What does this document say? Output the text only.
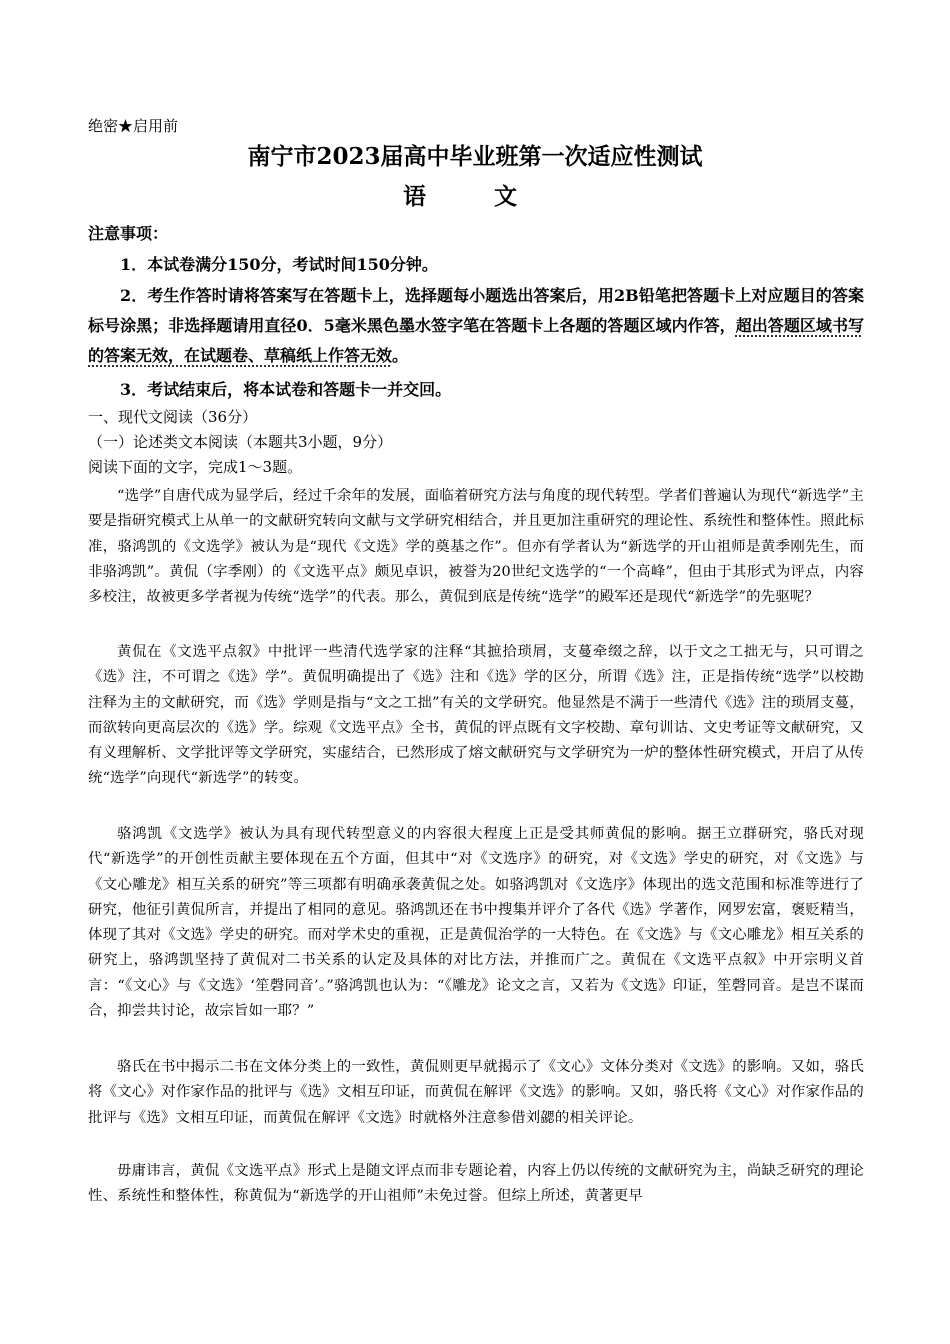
绝密★启用前
南宁市2023届高中毕业班第一次适应性测试
语 文
注意事项：
1．本试卷满分150分，考试时间150分钟。
2．考生作答时请将答案写在答题卡上，选择题每小题选出答案后，用2B铅笔把答题卡上对应题目的答案标号涂黑；非选择题请用直径0．5毫米黑色墨水签字笔在答题卡上各题的答题区域内作答，超出答题区域书写的答案无效，在试题卷、草稿纸上作答无效。
3．考试结束后，将本试卷和答题卡一并交回。
一、现代文阅读（36分）
（一）论述类文本阅读（本题共3小题，9分）
阅读下面的文字，完成1～3题。
“选学”自唐代成为显学后，经过千余年的发展，面临着研究方法与角度的现代转型。学者们普遍认为现代“新选学”主要是指研究模式上从单一的文献研究转向文献与文学研究相结合，并且更加注重研究的理论性、系统性和整体性。照此标准，骆鸿凯的《文选学》被认为是“现代《文选》学的奠基之作”。但亦有学者认为“新选学的开山祖师是黄季刚先生，而非骆鸿凯”。黄侃（字季刚）的《文选平点》颇见卓识，被誉为20世纪文选学的“一个高峰”，但由于其形式为评点，内容多校注，故被更多学者视为传统“选学”的代表。那么，黄侃到底是传统“选学”的殿军还是现代“新选学”的先驱呢？
黄侃在《文选平点叙》中批评一些清代选学家的注释“其摭拾琐屑，支蔓牵缀之辞，以于文之工拙无与，只可谓之《选》注，不可谓之《选》学”。黄侃明确提出了《选》注和《选》学的区分，所谓《选》注，正是指传统“选学”以校勘注释为主的文献研究，而《选》学则是指与“文之工拙”有关的文学研究。他显然是不满于一些清代《选》注的琐屑支蔓，而欲转向更高层次的《选》学。综观《文选平点》全书，黄侃的评点既有文字校勘、章句训诂、文史考证等文献研究，又有义理解析、文学批评等文学研究，实虚结合，已然形成了熔文献研究与文学研究为一炉的整体性研究模式，开启了从传统“选学”向现代“新选学”的转变。
骆鸿凯《文选学》被认为具有现代转型意义的内容很大程度上正是受其师黄侃的影响。据王立群研究，骆氏对现代“新选学”的开创性贡献主要体现在五个方面，但其中“对《文选序》的研究，对《文选》学史的研究，对《文选》与《文心雕龙》相互关系的研究”等三项都有明确承袭黄侃之处。如骆鸿凯对《文选序》体现出的选文范围和标准等进行了研究，他征引黄侃所言，并提出了相同的意见。骆鸿凯还在书中搜集并评介了各代《选》学著作，网罗宏富，褒贬精当，体现了其对《文选》学史的研究。而对学术史的重视，正是黄侃治学的一大特色。在《文选》与《文心雕龙》相互关系的研究上，骆鸿凯坚持了黄侃对二书关系的认定及具体的对比方法，并推而广之。黄侃在《文选平点叙》中开宗明义首言：“《文心》与《文选》‘笙磬同音’。”骆鸿凯也认为：“《雕龙》论文之言，又若为《文选》印证，笙磬同音。是岂不谋而合，抑尝共讨论，故宗旨如一耶？”
骆氏在书中揭示二书在文体分类上的一致性，黄侃则更早就揭示了《文心》文体分类对《文选》的影响。又如，骆氏将《文心》对作家作品的批评与《选》文相互印证，而黄侃在解评《文选》的影响。又如，骆氏将《文心》对作家作品的批评与《选》文相互印证，而黄侃在解评《文选》时就格外注意参借刘勰的相关评论。
毋庸讳言，黄侃《文选平点》形式上是随文评点而非专题论着，内容上仍以传统的文献研究为主，尚缺乏研究的理论性、系统性和整体性，称黄侃为“新选学的开山祖师”未免过誉。但综上所述，黄著更早
